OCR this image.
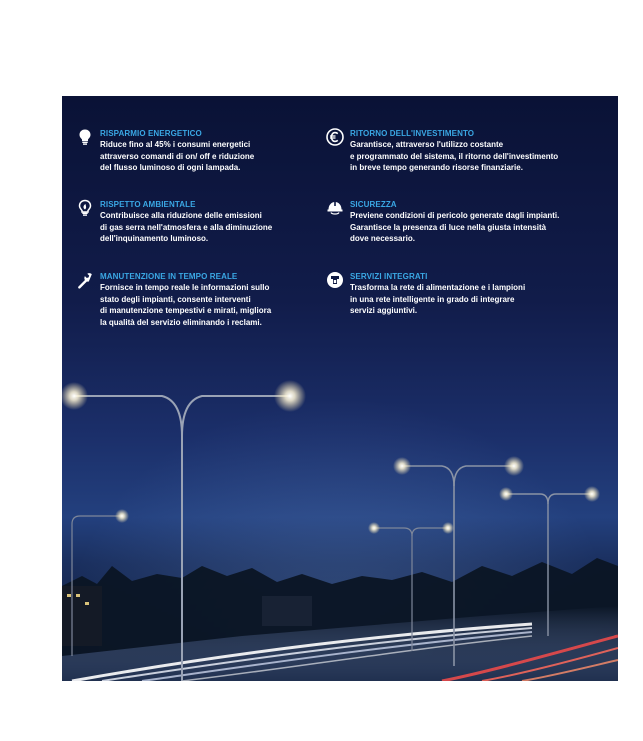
RISPARMIO ENERGETICO
Riduce fino al 45% i consumi energetici
attraverso comandi di on/ off e riduzione
del flusso luminoso di ogni lampada.
RITORNO DELL'INVESTIMENTO
Garantisce, attraverso l'utilizzo costante
e programmato del sistema, il ritorno dell'investimento
in breve tempo generando risorse finanziarie.
RISPETTO AMBIENTALE
Contribuisce alla riduzione delle emissioni
di gas serra nell'atmosfera e alla diminuzione
dell'inquinamento luminoso.
SICUREZZA
Previene condizioni di pericolo generate dagli impianti.
Garantisce la presenza di luce nella giusta intensità
dove necessario.
MANUTENZIONE IN TEMPO REALE
Fornisce in tempo reale le informazioni sullo
stato degli impianti, consente interventi
di manutenzione tempestivi e mirati, migliora
la qualità del servizio eliminando i reclami.
SERVIZI INTEGRATI
Trasforma la rete di alimentazione e i lampioni
in una rete intelligente in grado di integrare
servizi aggiuntivi.
